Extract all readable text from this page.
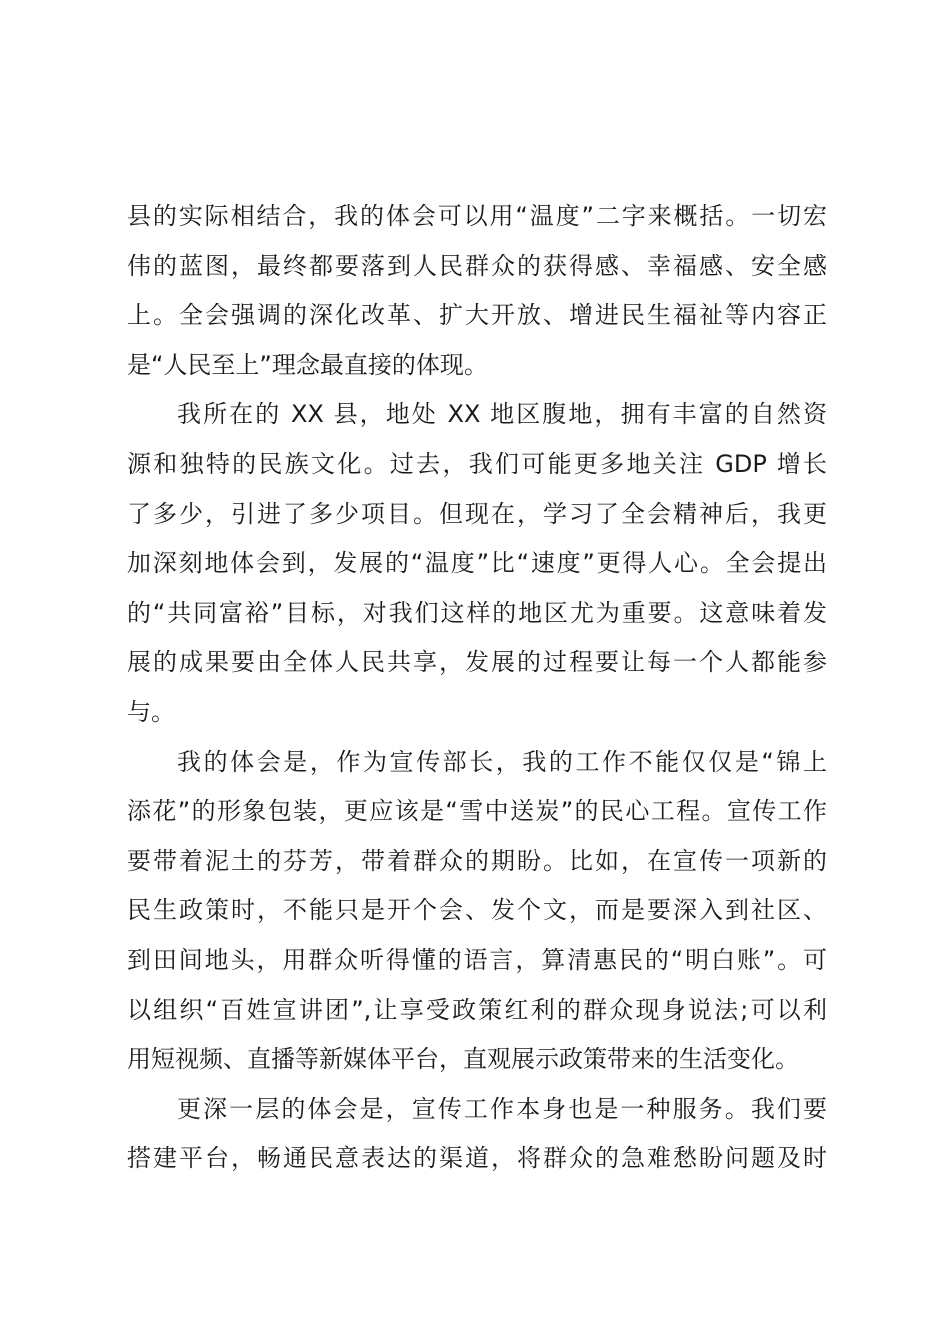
县的实际相结合，我的体会可以用“温度”二字来概括。一切宏
伟的蓝图，最终都要落到人民群众的获得感、幸福感、安全感
上。全会强调的深化改革、扩大开放、增进民生福祉等内容正
是“人民至上”理念最直接的体现。
我所在的 XX 县，地处 XX 地区腹地，拥有丰富的自然资
源和独特的民族文化。过去，我们可能更多地关注 GDP 增长
了多少，引进了多少项目。但现在，学习了全会精神后，我更
加深刻地体会到，发展的“温度”比“速度”更得人心。全会提出
的“共同富裕”目标，对我们这样的地区尤为重要。这意味着发
展的成果要由全体人民共享，发展的过程要让每一个人都能参
与。
我的体会是，作为宣传部长，我的工作不能仅仅是“锦上
添花”的形象包装，更应该是“雪中送炭”的民心工程。宣传工作
要带着泥土的芬芳，带着群众的期盼。比如，在宣传一项新的
民生政策时，不能只是开个会、发个文，而是要深入到社区、
到田间地头，用群众听得懂的语言，算清惠民的“明白账”。可
以组织“百姓宣讲团”,让享受政策红利的群众现身说法;可以利
用短视频、直播等新媒体平台，直观展示政策带来的生活变化。
更深一层的体会是，宣传工作本身也是一种服务。我们要
搭建平台，畅通民意表达的渠道，将群众的急难愁盼问题及时
